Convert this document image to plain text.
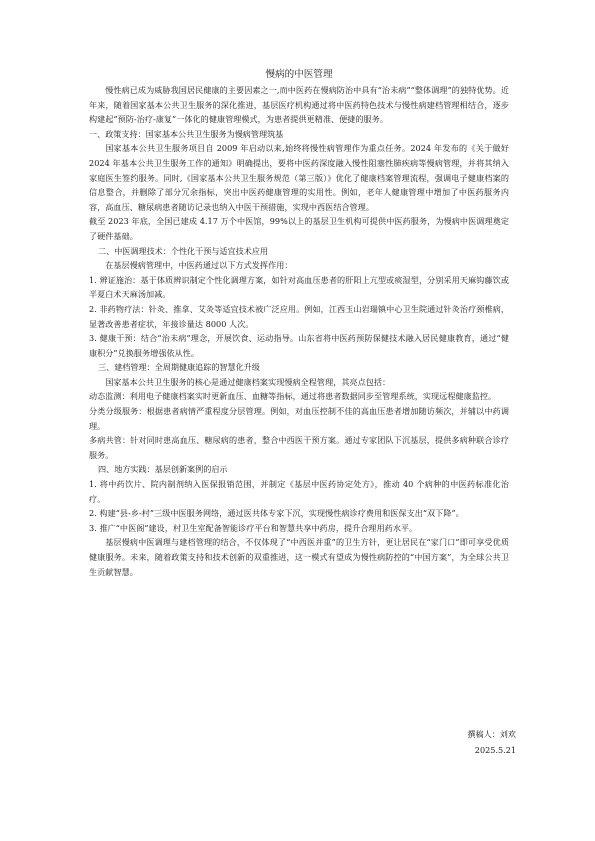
慢病的中医管理

慢性病已成为威胁我国居民健康的主要因素之一,而中医药在慢病防治中具有“治未病”“整体调理”的独特优势。近年来，随着国家基本公共卫生服务的深化推进，基层医疗机构通过将中医药特色技术与慢性病建档管理相结合，逐步构建起“预防-治疗-康复”一体化的健康管理模式，为患者提供更精准、便捷的服务。

一、政策支持：国家基本公共卫生服务为慢病管理筑基

国家基本公共卫生服务项目自 2009 年启动以来,始终将慢性病管理作为重点任务。2024 年发布的《关于做好 2024 年基本公共卫生服务工作的通知》明确提出，要将中医药深度融入慢性阻塞性肺疾病等慢病管理，并将其纳入家庭医生签约服务。同时,《国家基本公共卫生服务规范（第三版）》优化了健康档案管理流程，强调电子健康档案的信息整合，并删除了部分冗余指标，突出中医药健康管理的实用性。例如，老年人健康管理中增加了中医药服务内容，高血压、糖尿病患者随访记录也纳入中医干预措施，实现中西医结合管理。

截至 2023 年底，全国已建成 4.17 万个中医馆，99%以上的基层卫生机构可提供中医药服务，为慢病中医调理奠定了硬件基础。

二、中医调理技术：个性化干预与适宜技术应用

在基层慢病管理中，中医药通过以下方式发挥作用：

1. 辨证施治：基于体质辨识制定个性化调理方案，如针对高血压患者的肝阳上亢型或痰湿型，分别采用天麻钩藤饮或半夏白术天麻汤加减。

2. 非药物疗法：针灸、推拿、艾灸等适宜技术被广泛应用。例如，江西玉山岩瑞镇中心卫生院通过针灸治疗颈椎病，显著改善患者症状，年接诊量达 8000 人次。

3. 健康干预：结合“治未病”理念，开展饮食、运动指导。山东省将中医药预防保健技术融入居民健康教育，通过“健康积分”兑换服务增强依从性。

三、建档管理：全周期健康追踪的智慧化升级

国家基本公共卫生服务的核心是通过健康档案实现慢病全程管理，其亮点包括：

动态监测：利用电子健康档案实时更新血压、血糖等指标，通过将患者数据同步至管理系统，实现远程健康监控。

分类分级服务：根据患者病情严重程度分层管理。例如，对血压控制不佳的高血压患者增加随访频次，并辅以中药调理。

多病共管：针对同时患高血压、糖尿病的患者，整合中西医干预方案。通过专家团队下沉基层，提供多病种联合诊疗服务。

四、地方实践：基层创新案例的启示

1. 将中药饮片、院内制剂纳入医保报销范围，并制定《基层中医药协定处方》，推动 40 个病种的中医药标准化治疗。

2. 构建“县-乡-村”三级中医服务网络，通过医共体专家下沉，实现慢性病诊疗费用和医保支出“双下降”。

3. 推广“中医阁”建设，村卫生室配备智能诊疗平台和智慧共享中药房，提升合理用药水平。

基层慢病中医调理与建档管理的结合，不仅体现了“中西医并重”的卫生方针，更让居民在“家门口”即可享受优质健康服务。未来，随着政策支持和技术创新的双重推进，这一模式有望成为慢性病防控的“中国方案”，为全球公共卫生贡献智慧。

撰稿人：刘欢
2025.5.21
